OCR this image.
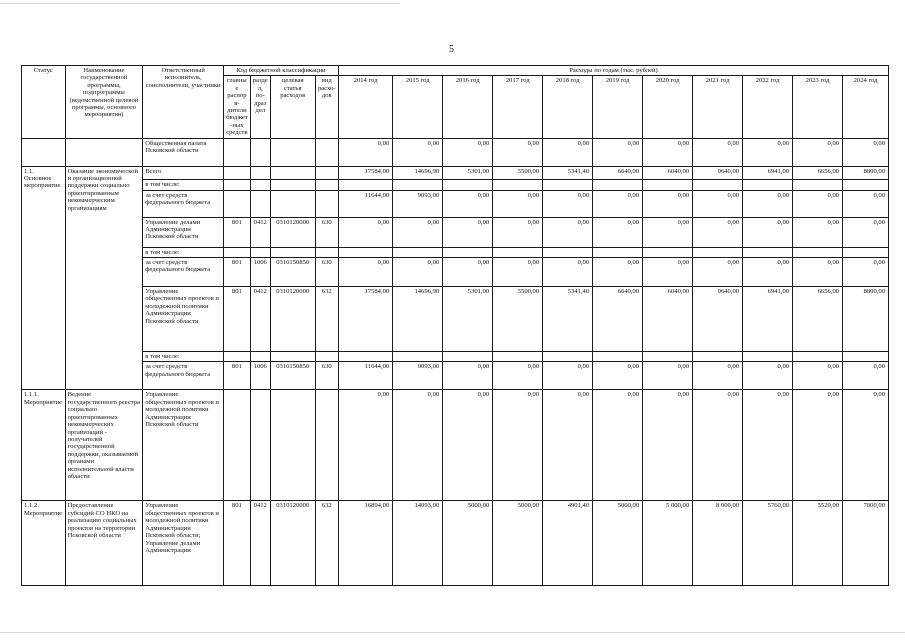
5
Статус	Наименование государственной программы, подпрограммы (ведомственной целевой программы, основного мероприятия)	Ответственный исполнитель, соисполнители, участники	Код бюджетной классификации				Расходы по годам (тыс. рублей)										
			главные распоря-дители бюджет-ных средств	раздел, по-драздел	целевая статья расходов	вид расхо-дов	2014 год	2015 год	2016 год	2017 год	2018 год	2019 год	2020 год	2021 год	2022 год	2023 год	2024 год
		Общественная палата Псковской области					0,00	0,00	0,00	0,00	0,00	0,00	0,00	0,00	0,00	0,00	0,00
1.1. Основное мероприятие	Оказание экономической и организационной поддержки социально ориентированным некоммерческим организациям	Всего					17584,00	14696,90	5301,00	5500,00	5341,40	6640,00	6040,00	9640,00	6941,00	6656,00	8800,00
		в том числе:															
		за счет средств федерального бюджета					11644,00	9093,00	0,00	0,00	0,00	0,00	0,00	0,00	0,00	0,00	0,00
		Управление делами Администрации Псковской области	801	0412	0310120000	630	0,00	0,00	0,00	0,00	0,00	0,00	0,00	0,00	0,00	0,00	0,00
		в том числе:															
		за счет средств федерального бюджета	801	1006	0310150850	630	0,00	0,00	0,00	0,00	0,00	0,00	0,00	0,00	0,00	0,00	0,00
		Управление общественных проектов и молодежной политики Администрации Псковской области	801	0412	0310120000	632	17584,00	14696,90	5301,00	5500,00	5341,40	6640,00	6040,00	9640,00	6941,00	6656,00	8800,00
		в том числе:															
		за счет средств федерального бюджета	801	1006	0310150850	630	11644,00	9093,00	0,00	0,00	0,00	0,00	0,00	0,00	0,00	0,00	0,00
1.1.1. Мероприятие	Ведение государственного реестра социально ориентированных некоммерческих организаций - получателей государственной поддержки, оказываемой органами исполнительной власти области	Управление общественных проектов и молодежной политики Администрации Псковской области					0,00	0,00	0,00	0,00	0,00	0,00	0,00	0,00	0,00	0,00	0,00
1.1.2. Мероприятие	Предоставление субсидий СО НКО на реализацию социальных проектов на территории Псковской области	Управление общественных проектов и молодежной политики Администрации Псковской области; Управление делами Администрации	801	0412	0310120000	632	16894,00	14093,00	5000,00	5000,00	4901,40	5000,00	5 000,00	8 000,00	5760,00	5520,00	7000,00
